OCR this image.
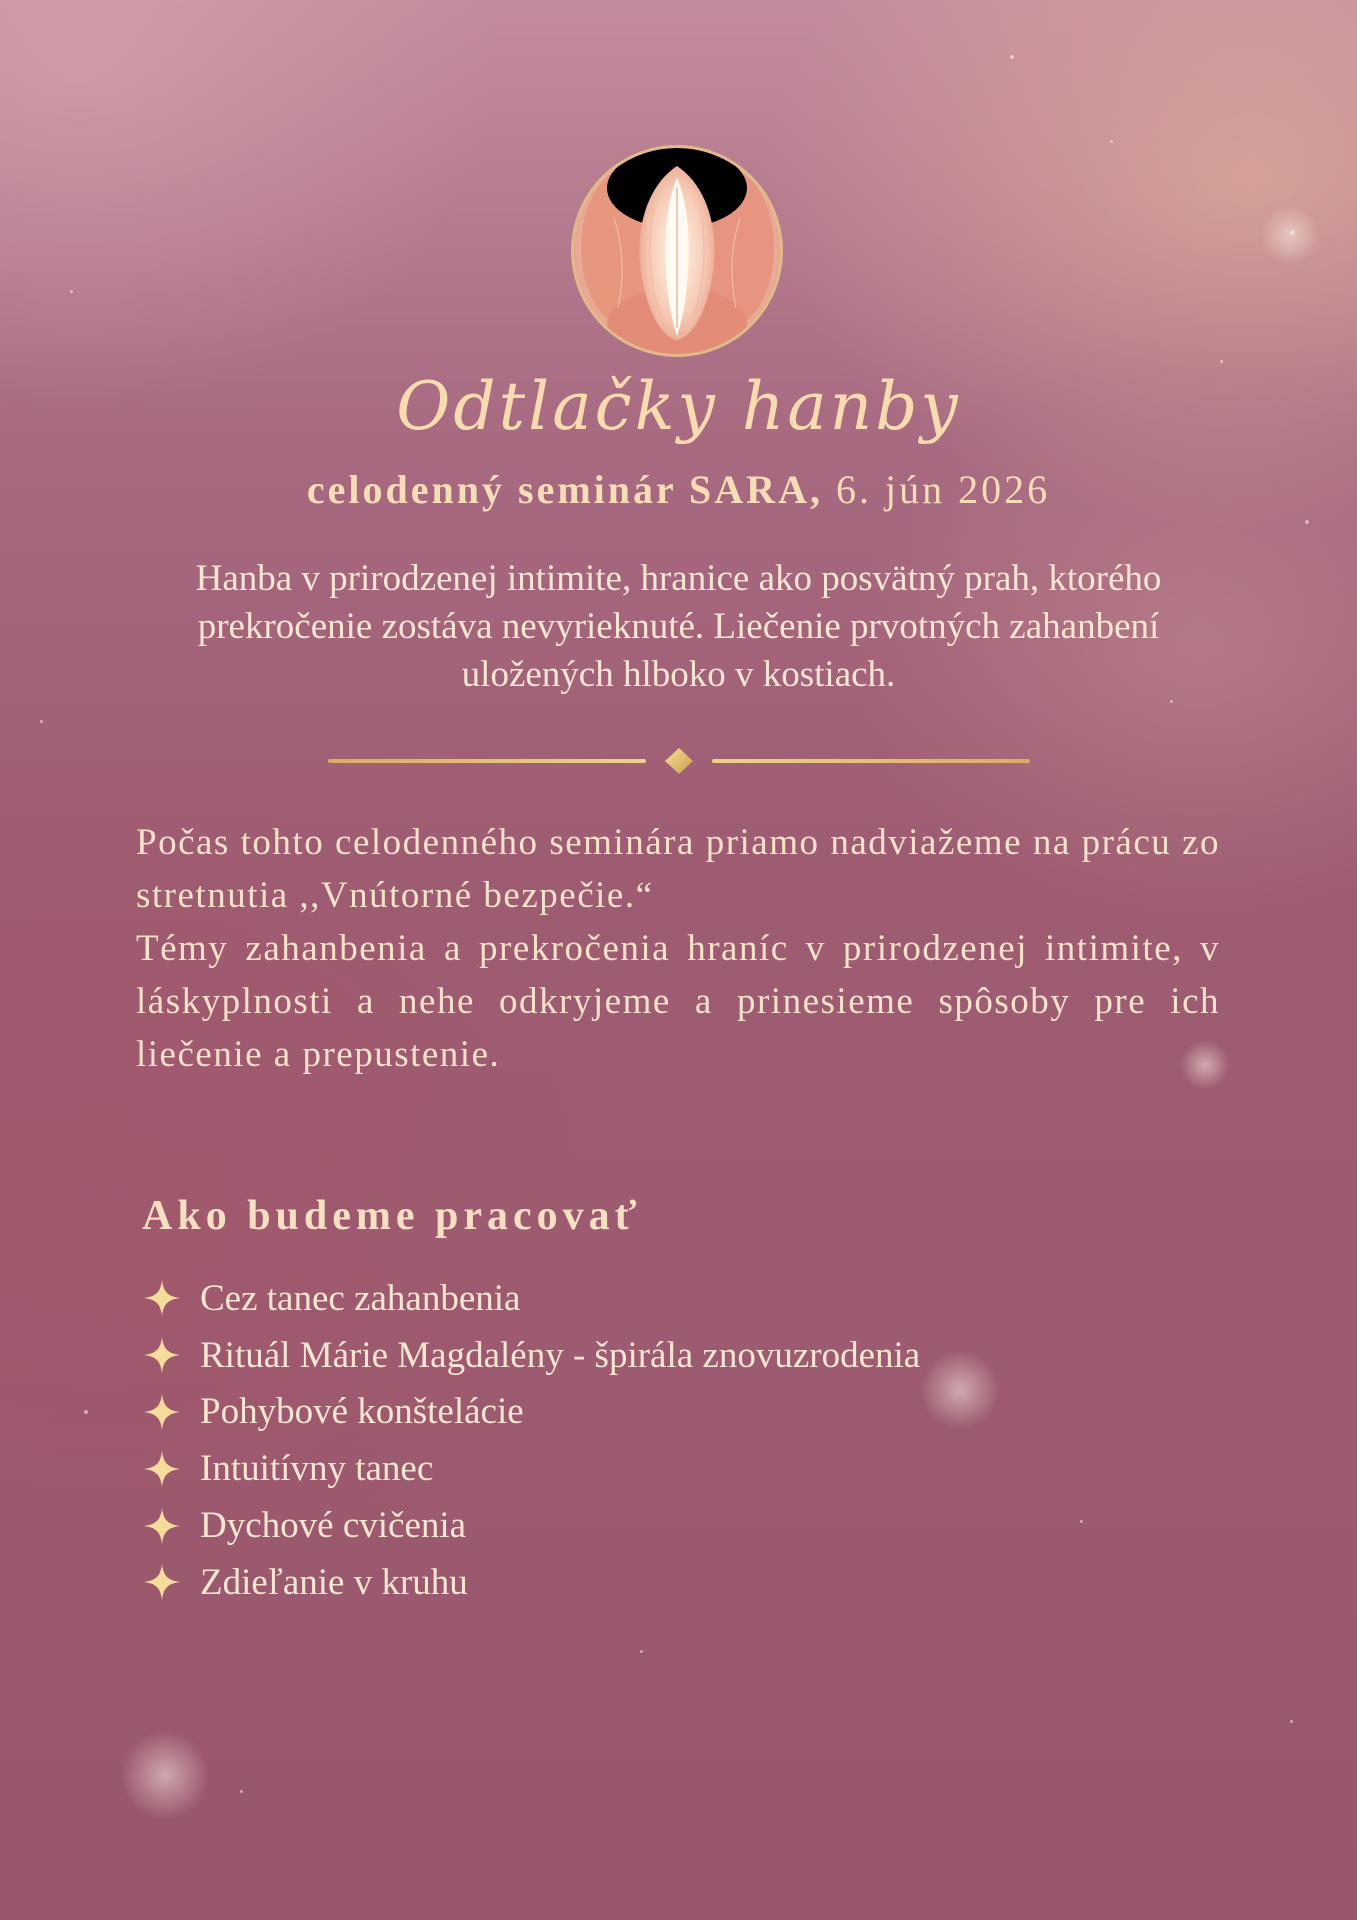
Odtlačky hanby

celodenný seminár SARA, 6. jún 2026

Hanba v prirodzenej intimite, hranice ako posvätný prah, ktorého
prekročenie zostáva nevyrieknuté. Liečenie prvotných zahanbení
uložených hlboko v kostiach.

Počas tohto celodenného seminára priamo nadviažeme na prácu zo stretnutia ,,Vnútorné bezpečie.“
Témy zahanbenia a prekročenia hraníc v prirodzenej intimite, v láskyplnosti a nehe odkryjeme a prinesieme spôsoby pre ich liečenie a prepustenie.
Ako budeme pracovať
Cez tanec zahanbenia
Rituál Márie Magdalény - špirála znovuzrodenia
Pohybové konštelácie
Intuitívny tanec
Dychové cvičenia
Zdieľanie v kruhu
